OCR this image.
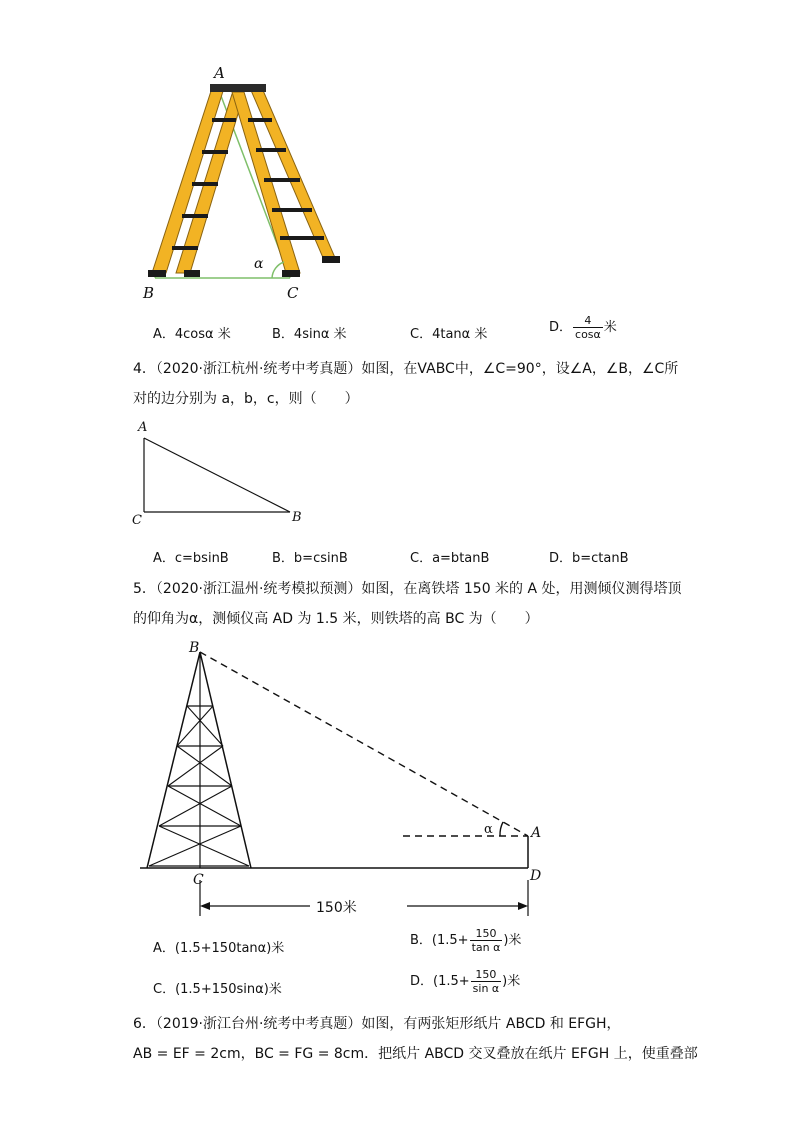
A
B	C
α
A．4cosα 米	B．4sinα 米	C．4tanα 米	D． $\frac{4}{\cos\alpha}$ 米
4．（2020·浙江杭州·统考中考真题）如图，在VABC中，∠C=90°，设∠A，∠B，∠C所
对的边分别为 a，b，c，则（　　）
A
C	B
A．c=bsinB	B．b=csinB	C．a=btanB	D．b=ctanB
5．（2020·浙江温州·统考模拟预测）如图，在离铁塔 150 米的 A 处，用测倾仪测得塔顶
的仰角为α，测倾仪高 AD 为 1.5 米，则铁塔的高 BC 为（　　）
B
A
C	D
α
150米
A．(1.5+150tanα)米
B．($1.5+ \frac{150}{\text{tan α}}$ )米
C．(1.5+150sinα)米
D．($1.5+ \frac{150}{\text{sin α}}$ )米
6．（2019·浙江台州·统考中考真题）如图，有两张矩形纸片 ABCD 和 EFGH，
AB = EF = 2cm，BC = FG = 8cm．把纸片 ABCD 交叉叠放在纸片 EFGH 上，使重叠部
